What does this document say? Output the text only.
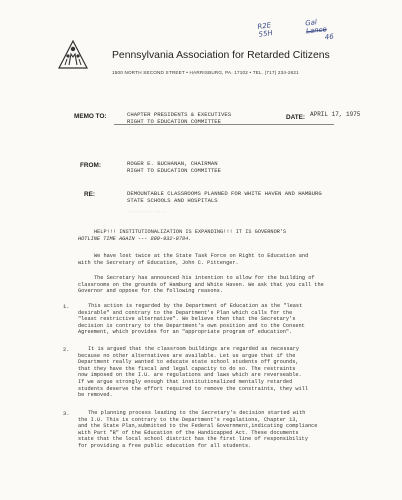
Pennsylvania Association for Retarded Citizens
1500 NORTH SECOND STREET • HARRISBURG, PA. 17102 • TEL. (717) 234-2621
R2E
55H
Gal
Lance
46
MEMO TO:	CHAPTER PRESIDENTS & EXECUTIVES
RIGHT TO EDUCATION COMMITTEE
DATE: APRIL 17, 1975
FROM:	ROGER E. BUCHANAN, CHAIRMAN
RIGHT TO EDUCATION COMMITTEE
RE:	DEMOUNTABLE CLASSROOMS PLANNED FOR WHITE HAVEN AND HAMBURG
STATE SCHOOLS AND HOSPITALS
··············
HELP!!! INSTITUTIONALIZATION IS EXPANDING!!! IT IS GOVERNOR'S
HOTLINE TIME AGAIN --- 800-932-0784.
We have lost twice at the State Task Force on Right to Education and
with the Secretary of Education, John C. Pittenger.
The Secretary has announced his intention to allow for the building of
classrooms on the grounds of Hamburg and White Haven. We ask that you call the
Governor and oppose for the following reasons.
1.	This action is regarded by the Department of Education as the "least
desirable" and contrary to the Department's Plan which calls for the
"least restrictive alternative". We believe then that the Secretary's
decision is contrary to the Department's own position and to the Consent
Agreement, which provides for an "appropriate program of education".
2.	It is argued that the classroom buildings are regarded as necessary
because no other alternatives are available. Let us argue that if the
Department really wanted to educate state school students off grounds,
that they have the fiscal and legal capacity to do so. The restraints
now imposed on the I.U. are regulations and laws which are reverseable.
If we argue strongly enough that institutionalized mentally retarded
students deserve the effort required to remove the constraints, they will
be removed.
3.	The planning process leading to the Secretary's decision started with
the I.U. This is contrary to the Department's regulations, Chapter 13,
and the State Plan,submitted to the Federal Government,indicating compliance
with Part "B" of the Education of the Handicapped Act. These documents
state that the local school district has the first line of responsibility
for providing a free public education for all students.
